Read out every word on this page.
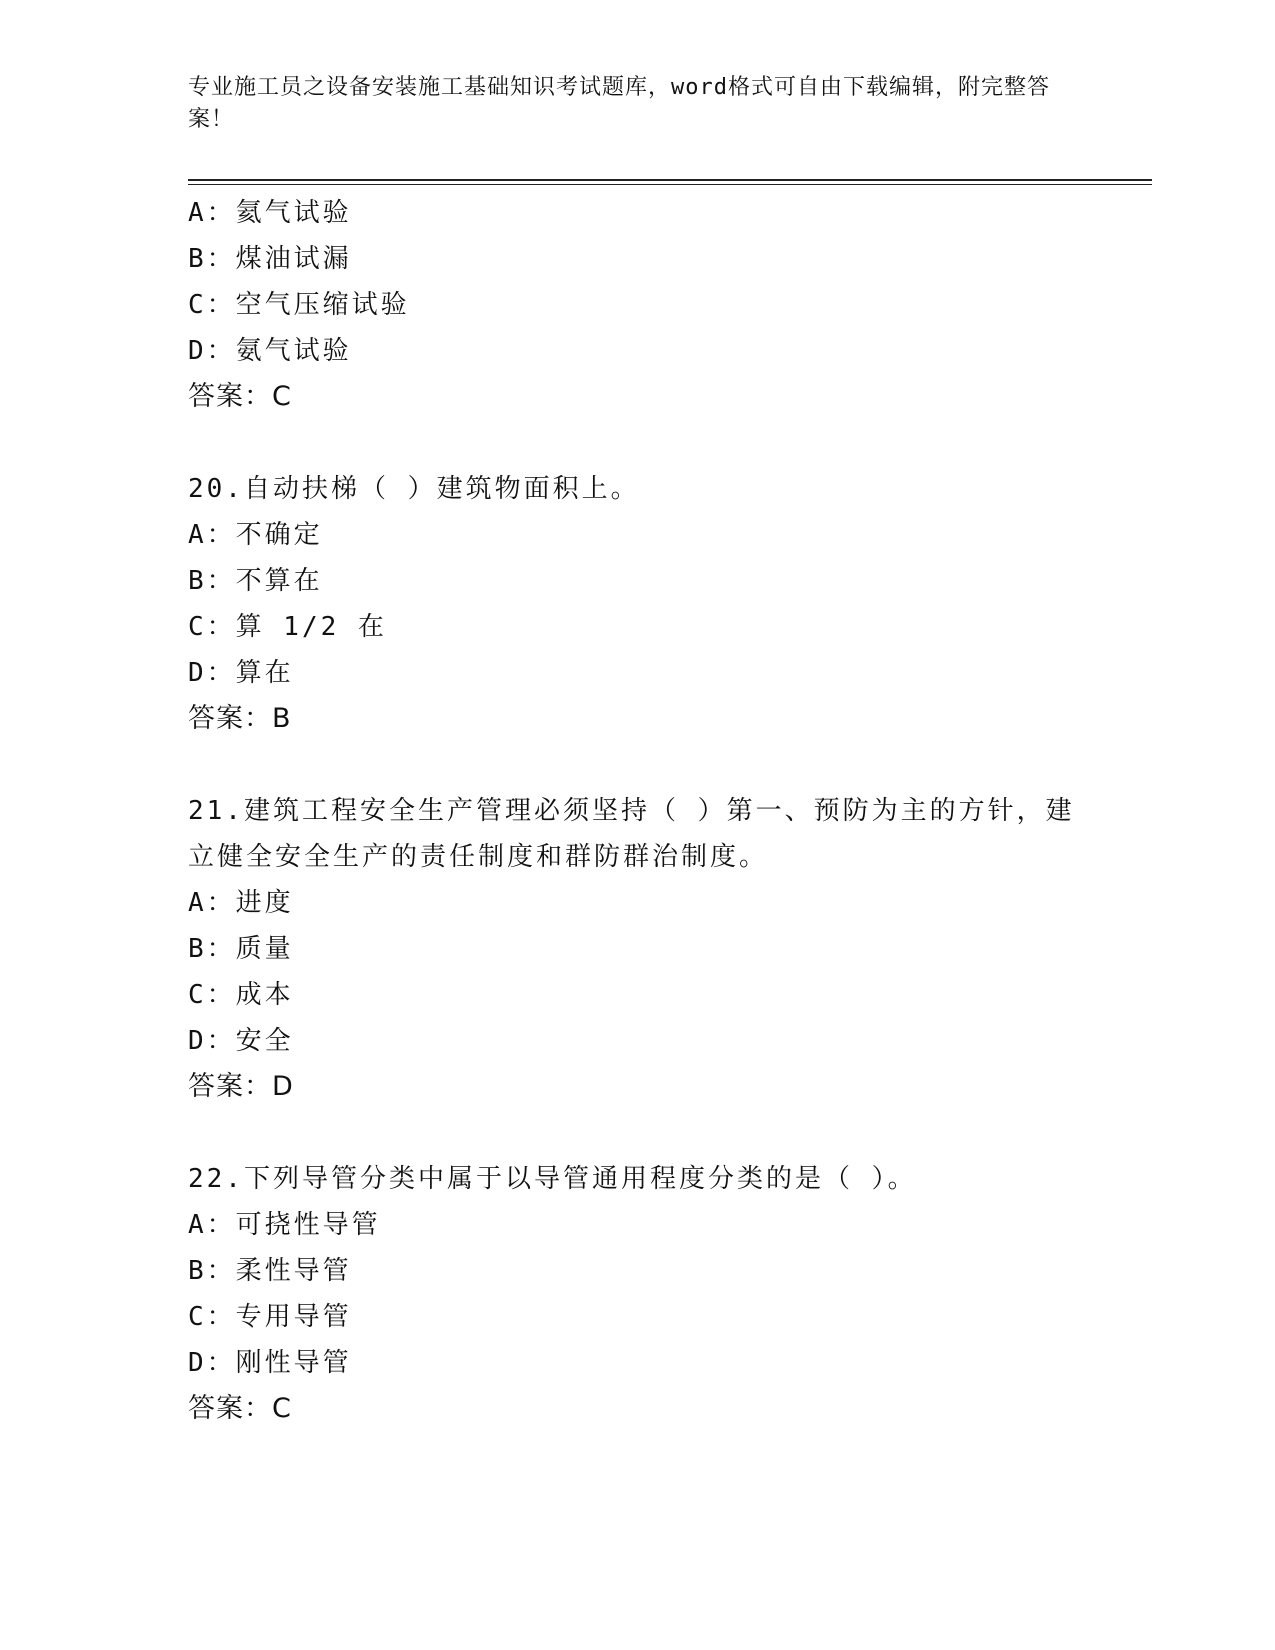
专业施工员之设备安装施工基础知识考试题库，word格式可自由下载编辑，附完整答案！
A：氦气试验
B：煤油试漏
C：空气压缩试验
D：氨气试验
答案：C
20.自动扶梯（ ）建筑物面积上。
A：不确定
B：不算在
C：算 1/2 在
D：算在
答案：B
21.建筑工程安全生产管理必须坚持（ ）第一、预防为主的方针，建立健全安全生产的责任制度和群防群治制度。
A：进度
B：质量
C：成本
D：安全
答案：D
22.下列导管分类中属于以导管通用程度分类的是（ ）。
A：可挠性导管
B：柔性导管
C：专用导管
D：刚性导管
答案：C
